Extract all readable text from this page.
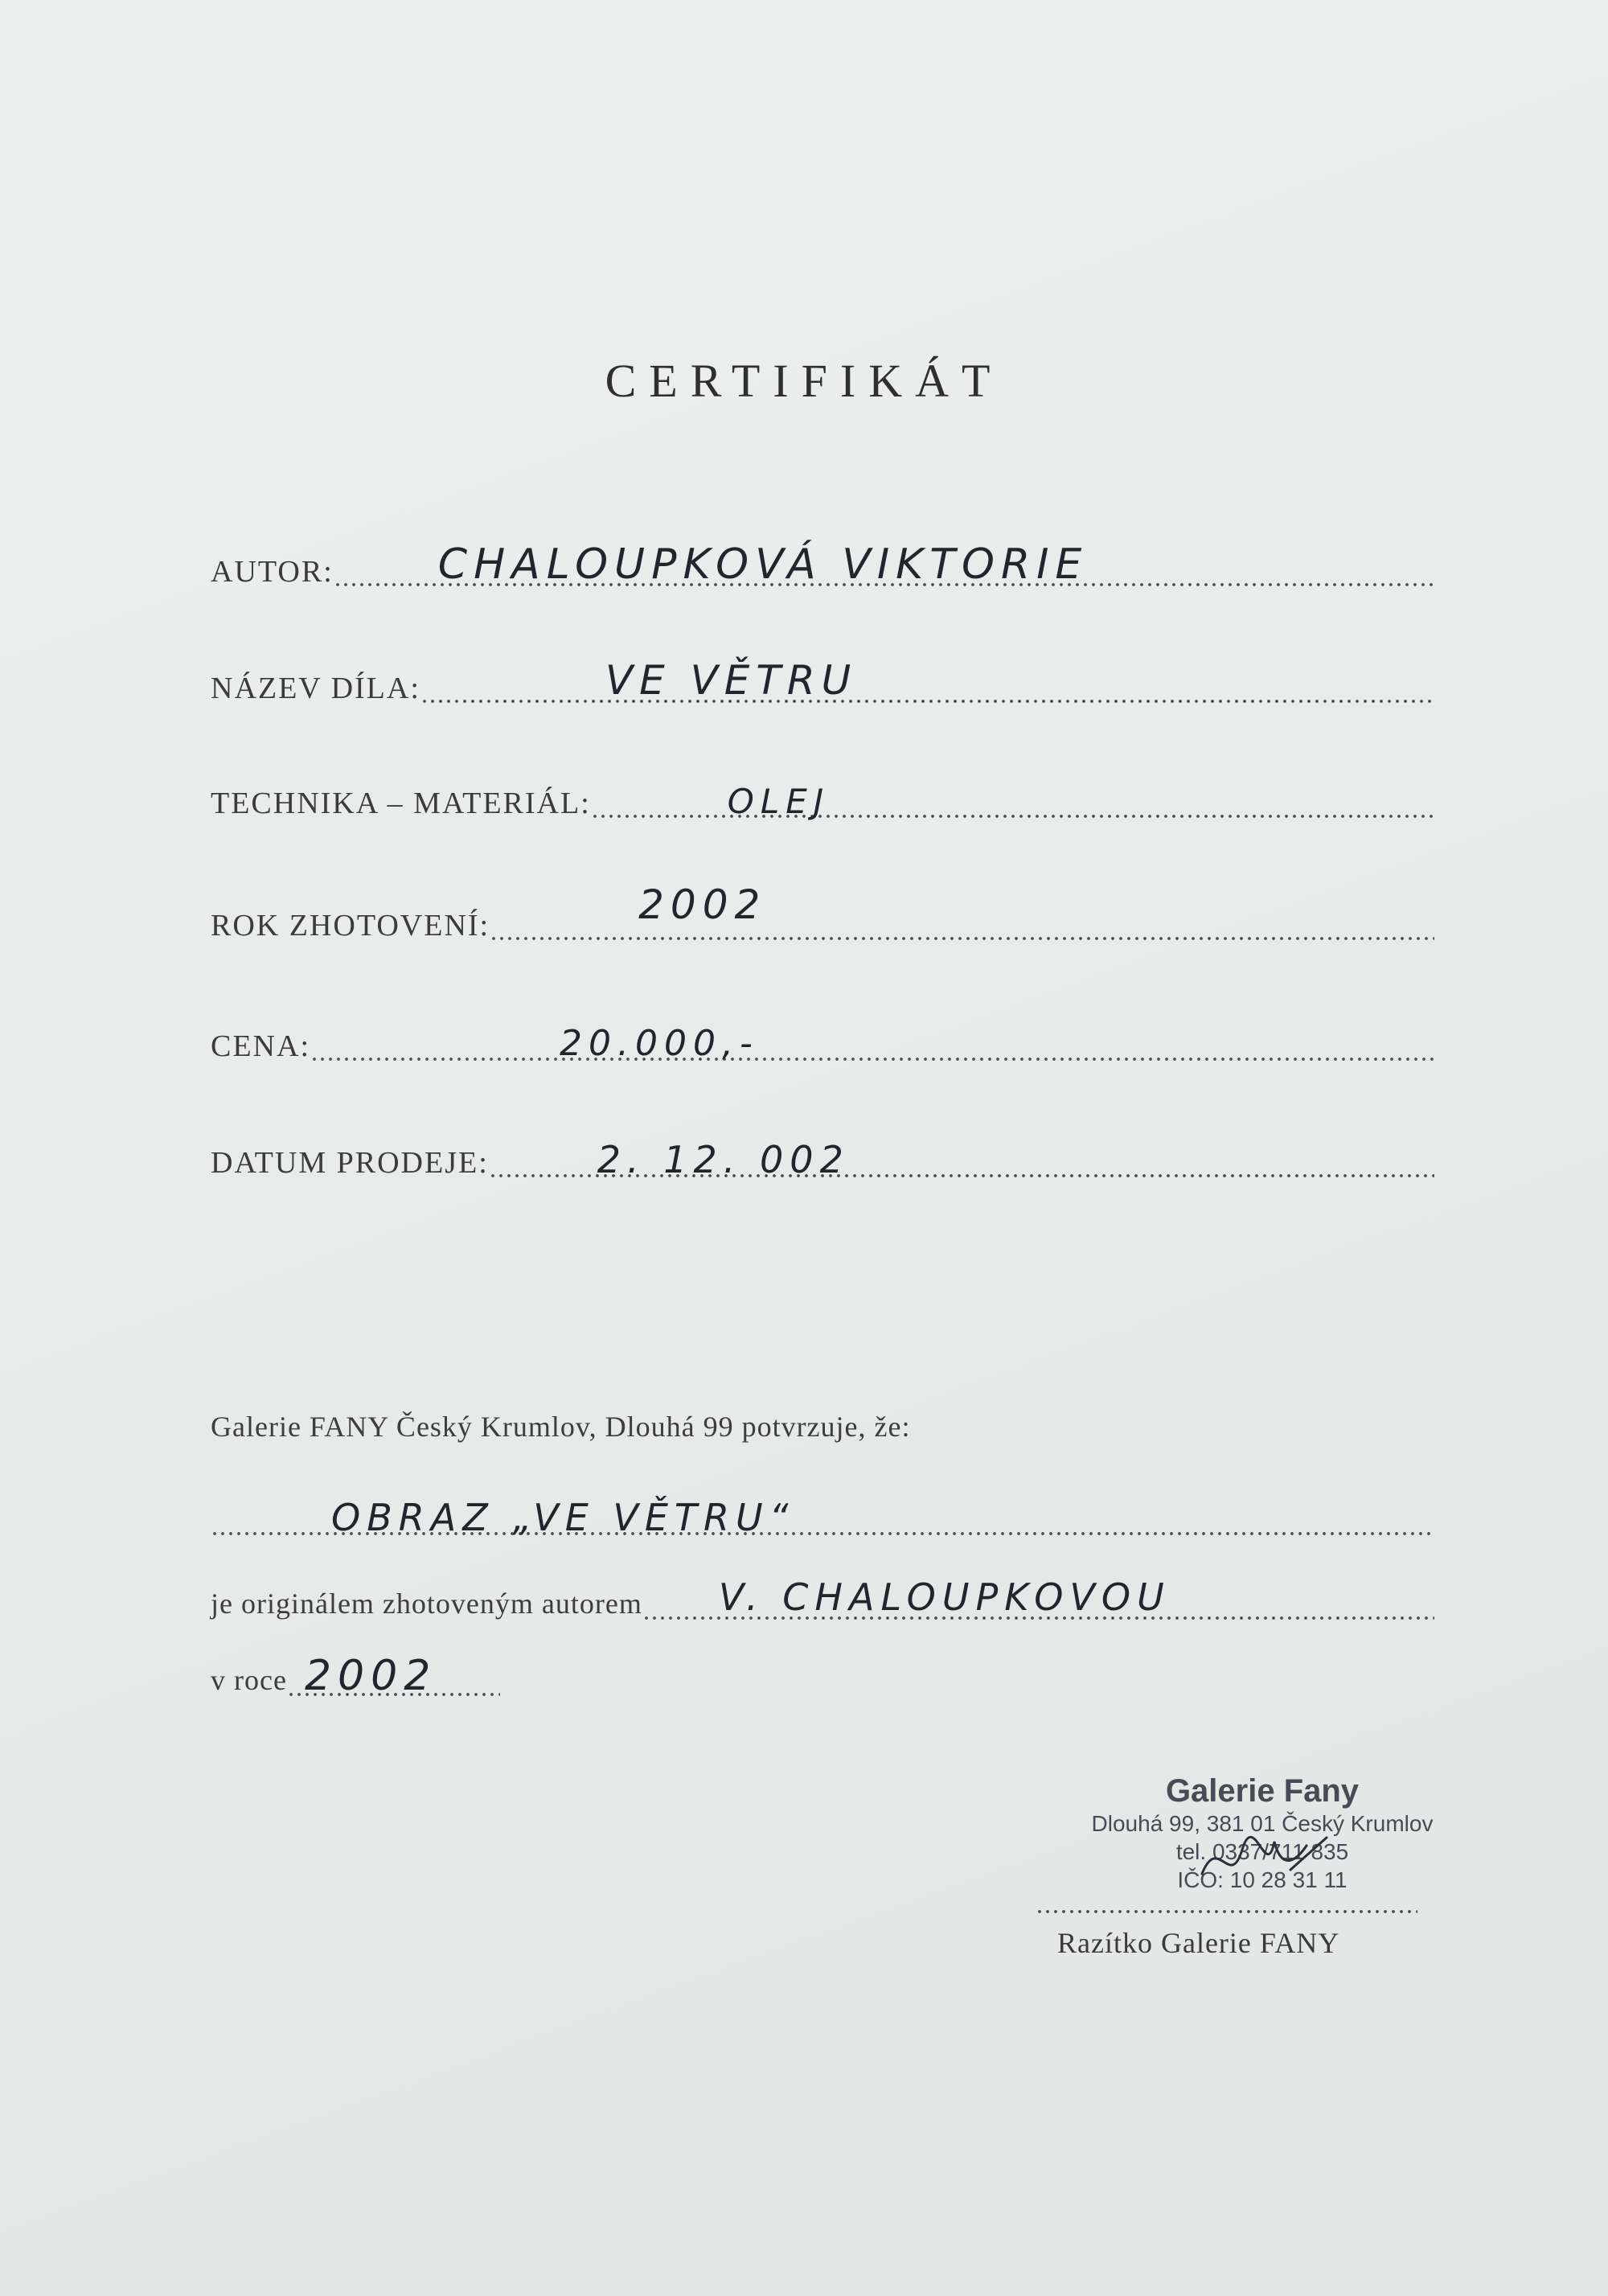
CERTIFIKÁT
AUTOR:	CHALOUPKOVÁ VIKTORIE
NÁZEV DÍLA:	VE VĚTRU
TECHNIKA – MATERIÁL:	OLEJ
ROK ZHOTOVENÍ:	2002
CENA:	20.000,-
DATUM PRODEJE:	2. 12. 002
Galerie FANY Český Krumlov, Dlouhá 99 potvrzuje, že:
OBRAZ „VE VĚTRU“
je originálem zhotoveným autorem V. CHALOUPKOVOU
v roce 2002
Galerie Fany
Dlouhá 99, 381 01 Český Krumlov
tel. 0337/711 835
IČO: 10 28 31 11
Razítko Galerie FANY
